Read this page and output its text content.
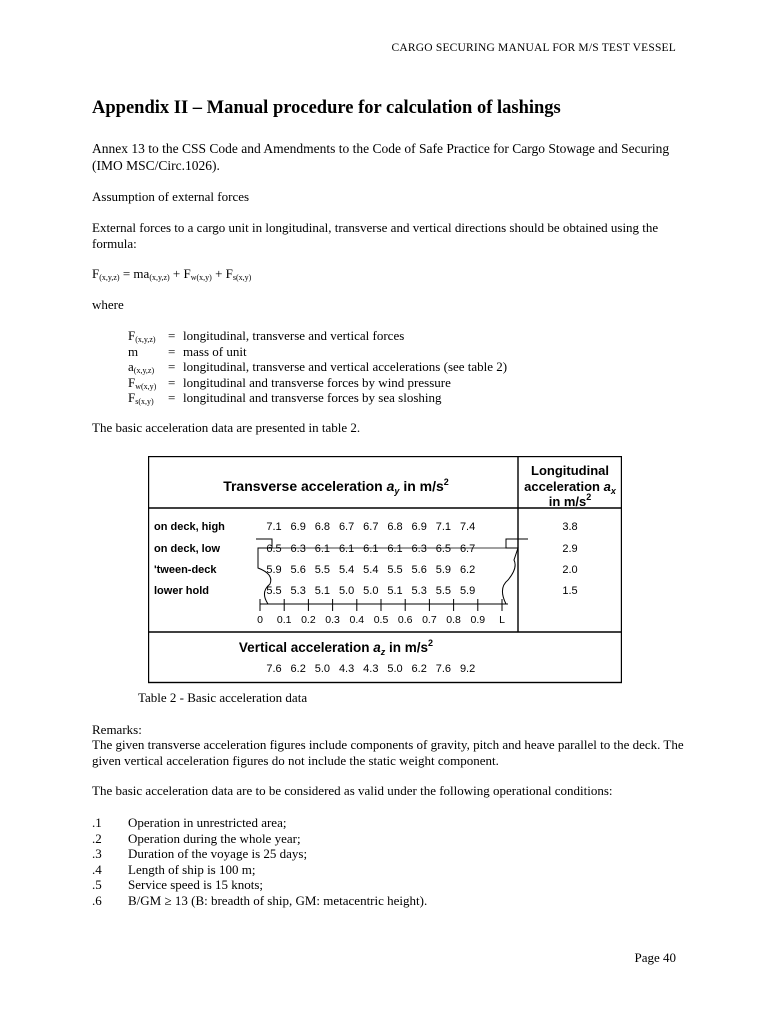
CARGO SECURING MANUAL FOR M/S TEST VESSEL
Appendix II – Manual procedure for calculation of lashings
Annex 13 to the CSS Code and Amendments to the Code of Safe Practice for Cargo Stowage and Securing (IMO MSC/Circ.1026).
Assumption of external forces
External forces to a cargo unit in longitudinal, transverse and vertical directions should be obtained using the formula:
$F_{(x,y,z)} = ma_{(x,y,z)} + F_{w(x,y)} + F_{s(x,y)}$
where
$F_{(x,y,z)}$ = longitudinal, transverse and vertical forces
m = mass of unit
$a_{(x,y,z)}$ = longitudinal, transverse and vertical accelerations (see table 2)
$F_{w(x,y)}$ = longitudinal and transverse forces by wind pressure
$F_{s(x,y)}$ = longitudinal and transverse forces by sea sloshing
The basic acceleration data are presented in table 2.
Transverse acceleration $a_y$ in $m/s^2$
Longitudinal
acceleration $a_x$
in $m/s^2$
on deck, high
on deck, low
'tween-deck
lower hold
7.1 6.9 6.8 6.7 6.7 6.8 6.9 7.1 7.4
6.5 6.3 6.1 6.1 6.1 6.1 6.3 6.5 6.7
5.9 5.6 5.5 5.4 5.4 5.5 5.6 5.9 6.2
5.5 5.3 5.1 5.0 5.0 5.1 5.3 5.5 5.9
3.8
2.9
2.0
1.5
0 0.1 0.2 0.3 0.4 0.5 0.6 0.7 0.8 0.9 L
Vertical acceleration $a_z$ in $m/s^2$
7.6 6.2 5.0 4.3 4.3 5.0 6.2 7.6 9.2
Table 2 - Basic acceleration data
Remarks:
The given transverse acceleration figures include components of gravity, pitch and heave parallel to the deck. The given vertical acceleration figures do not include the static weight component.
The basic acceleration data are to be considered as valid under the following operational conditions:
.1 Operation in unrestricted area;
.2 Operation during the whole year;
.3 Duration of the voyage is 25 days;
.4 Length of ship is 100 m;
.5 Service speed is 15 knots;
.6 B/GM ≥ 13 (B: breadth of ship, GM: metacentric height).
Page 40
